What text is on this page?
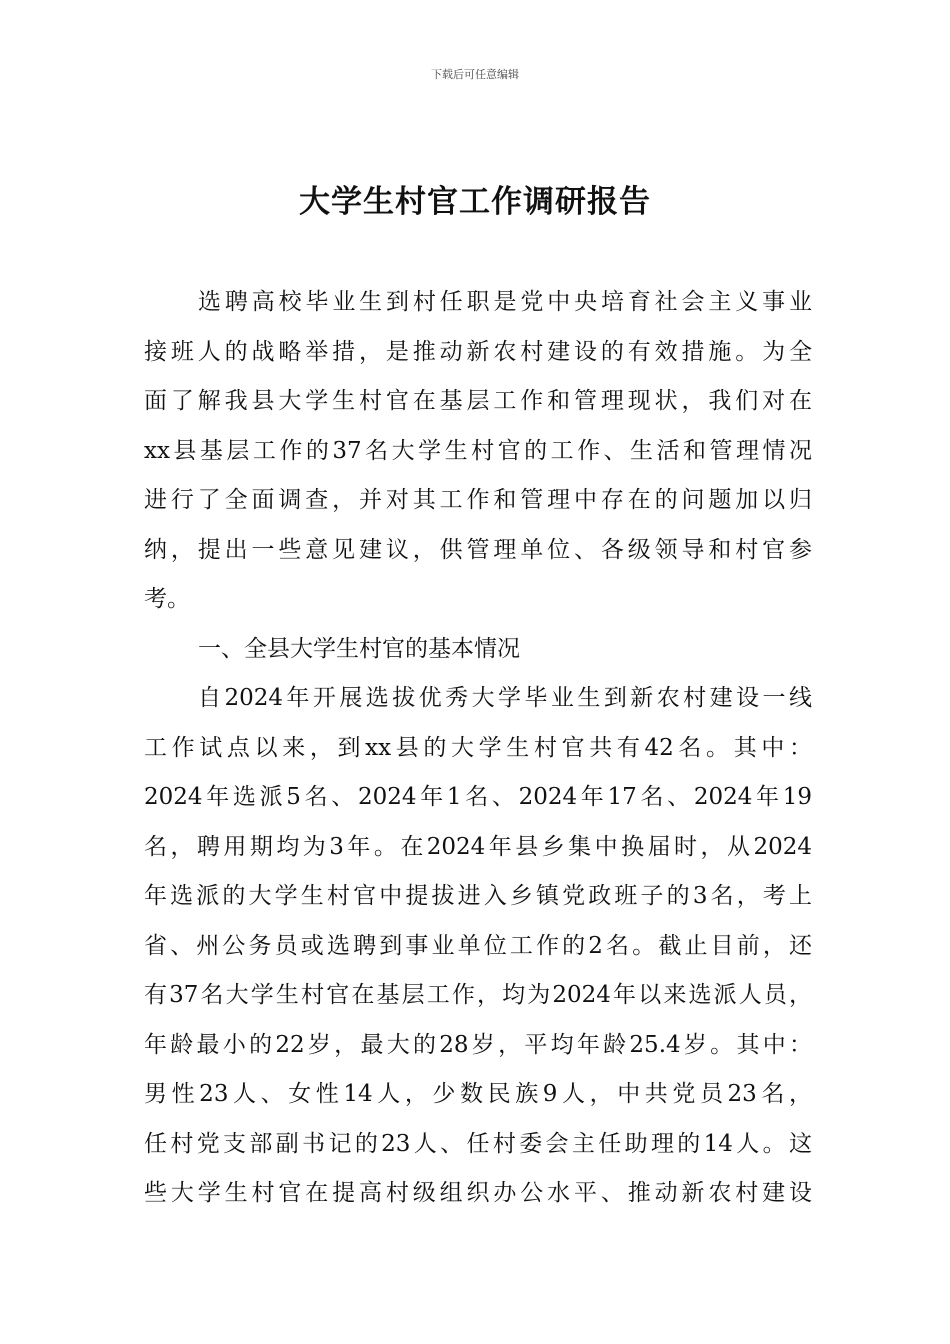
下载后可任意编辑
大学生村官工作调研报告
选聘高校毕业生到村任职是党中央培育社会主义事业
接班人的战略举措，是推动新农村建设的有效措施。为全
面了解我县大学生村官在基层工作和管理现状，我们对在
xx县基层工作的37名大学生村官的工作、生活和管理情况
进行了全面调查，并对其工作和管理中存在的问题加以归
纳，提出一些意见建议，供管理单位、各级领导和村官参
考。
一、全县大学生村官的基本情况
自2024年开展选拔优秀大学毕业生到新农村建设一线
工作试点以来，到xx县的大学生村官共有42名。其中：
2024年选派5名、2024年1名、2024年17名、2024年19
名，聘用期均为3年。在2024年县乡集中换届时，从2024
年选派的大学生村官中提拔进入乡镇党政班子的3名，考上
省、州公务员或选聘到事业单位工作的2名。截止目前，还
有37名大学生村官在基层工作，均为2024年以来选派人员，
年龄最小的22岁，最大的28岁，平均年龄25.4岁。其中：
男性23人、女性14人，少数民族9人，中共党员23名，
任村党支部副书记的23人、任村委会主任助理的14人。这
些大学生村官在提高村级组织办公水平、推动新农村建设
